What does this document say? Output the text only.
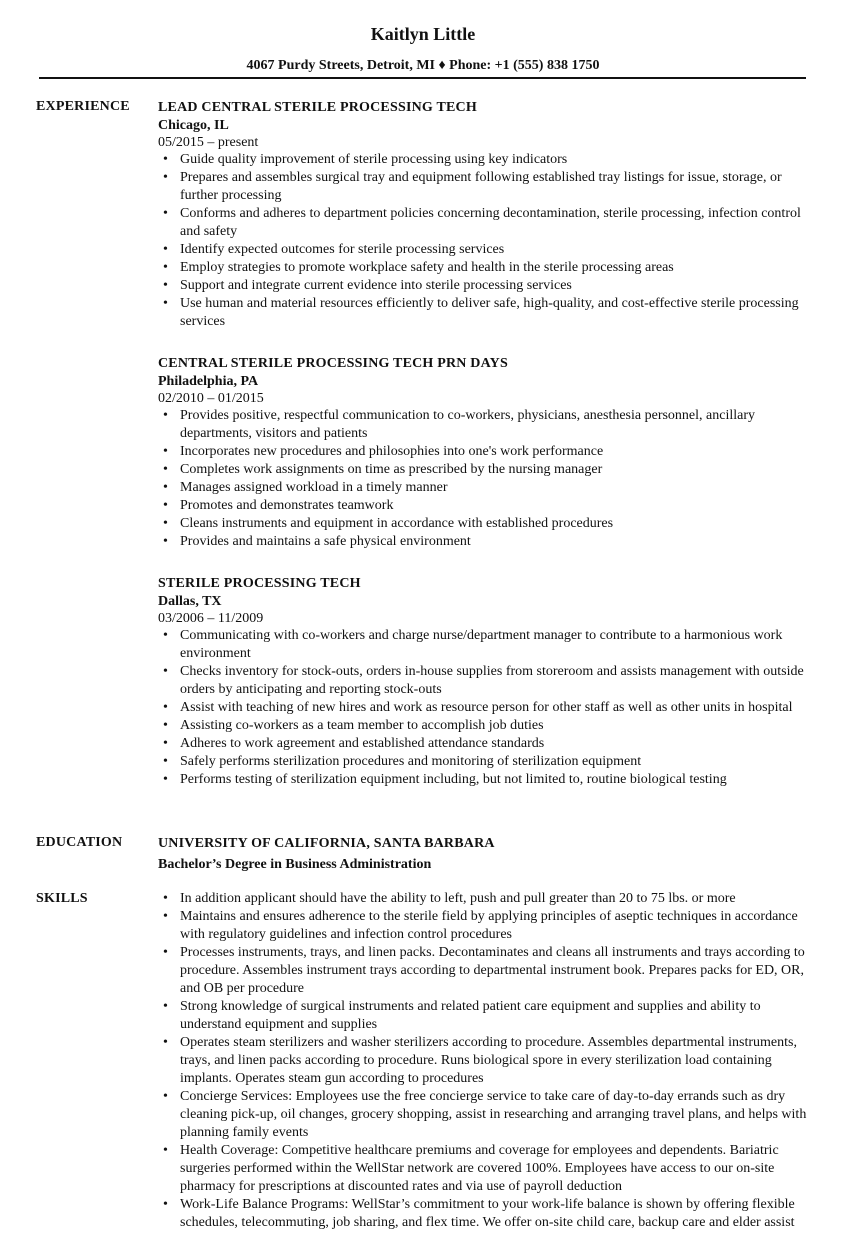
Kaitlyn Little
4067 Purdy Streets, Detroit, MI ♦ Phone: +1 (555) 838 1750
EXPERIENCE LEAD CENTRAL STERILE PROCESSING TECH
Chicago, IL
05/2015 – present
• Guide quality improvement of sterile processing using key indicators
• Prepares and assembles surgical tray and equipment following established tray listings for issue, storage, or further processing
• Conforms and adheres to department policies concerning decontamination, sterile processing, infection control and safety
• Identify expected outcomes for sterile processing services
• Employ strategies to promote workplace safety and health in the sterile processing areas
• Support and integrate current evidence into sterile processing services
• Use human and material resources efficiently to deliver safe, high-quality, and cost-effective sterile processing services
CENTRAL STERILE PROCESSING TECH PRN DAYS
Philadelphia, PA
02/2010 – 01/2015
• Provides positive, respectful communication to co-workers, physicians, anesthesia personnel, ancillary departments, visitors and patients
• Incorporates new procedures and philosophies into one's work performance
• Completes work assignments on time as prescribed by the nursing manager
• Manages assigned workload in a timely manner
• Promotes and demonstrates teamwork
• Cleans instruments and equipment in accordance with established procedures
• Provides and maintains a safe physical environment
STERILE PROCESSING TECH
Dallas, TX
03/2006 – 11/2009
• Communicating with co-workers and charge nurse/department manager to contribute to a harmonious work environment
• Checks inventory for stock-outs, orders in-house supplies from storeroom and assists management with outside orders by anticipating and reporting stock-outs
• Assist with teaching of new hires and work as resource person for other staff as well as other units in hospital
• Assisting co-workers as a team member to accomplish job duties
• Adheres to work agreement and established attendance standards
• Safely performs sterilization procedures and monitoring of sterilization equipment
• Performs testing of sterilization equipment including, but not limited to, routine biological testing
EDUCATION	UNIVERSITY OF CALIFORNIA, SANTA BARBARA
Bachelor’s Degree in Business Administration
SKILLS
•	In addition applicant should have the ability to left, push and pull greater than 20 to 75 lbs. or more
• Maintains and ensures adherence to the sterile field by applying principles of aseptic techniques in accordance with regulatory guidelines and infection control procedures
• Processes instruments, trays, and linen packs. Decontaminates and cleans all instruments and trays according to procedure. Assembles instrument trays according to departmental instrument book. Prepares packs for ED, OR, and OB per procedure
• Strong knowledge of surgical instruments and related patient care equipment and supplies and ability to understand equipment and supplies
• Operates steam sterilizers and washer sterilizers according to procedure. Assembles departmental instruments, trays, and linen packs according to procedure. Runs biological spore in every sterilization load containing implants. Operates steam gun according to procedures
• Concierge Services: Employees use the free concierge service to take care of day-to-day errands such as dry cleaning pick-up, oil changes, grocery shopping, assist in researching and arranging travel plans, and helps with planning family events
• Health Coverage: Competitive healthcare premiums and coverage for employees and dependents. Bariatric surgeries performed within the WellStar network are covered 100%. Employees have access to our on-site pharmacy for prescriptions at discounted rates and via use of payroll deduction
• Work-Life Balance Programs: WellStar’s commitment to your work-life balance is shown by offering flexible schedules, telecommuting, job sharing, and flex time. We offer on-site child care, backup care and elder assist
